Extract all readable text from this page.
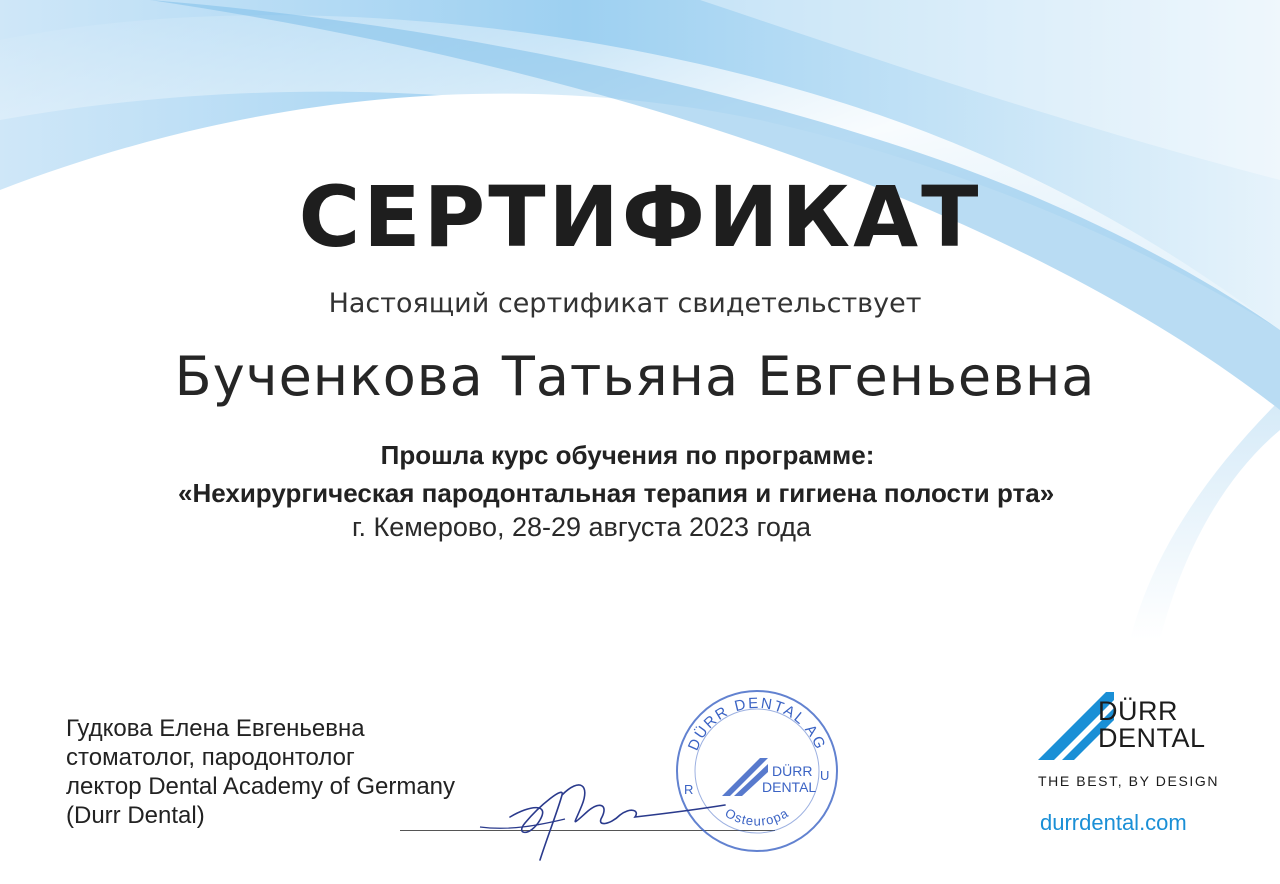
СЕРТИФИКАТ
Настоящий сертификат свидетельствует
Бученкова Татьяна Евгеньевна
Прошла курс обучения по программе:
«Нехирургическая пародонтальная терапия и гигиена полости рта»
г. Кемерово, 28-29 августа 2023 года
Гудкова Елена Евгеньевна
стоматолог, пародонтолог
лектор Dental Academy of Germany
(Durr Dental)
DÜRR DENTAL AG
Osteuropa
DÜRR
DENTAL
R
U
DÜRR
DENTAL
THE BEST, BY DESIGN
durrdental.com
